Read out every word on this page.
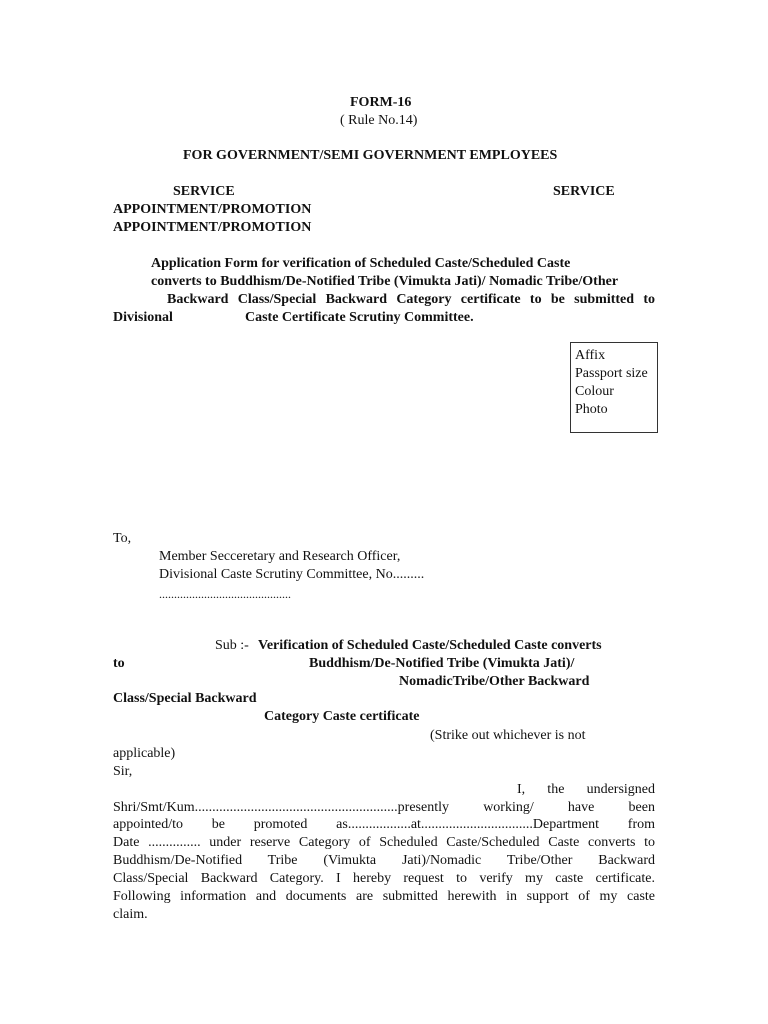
FORM-16
( Rule No.14)
FOR GOVERNMENT/SEMI GOVERNMENT EMPLOYEES
SERVICE	SERVICE
APPOINTMENT/PROMOTION
APPOINTMENT/PROMOTION
Application Form for verification of Scheduled Caste/Scheduled Caste
converts to Buddhism/De-Notified Tribe (Vimukta Jati)/ Nomadic Tribe/Other
Backward Class/Special Backward Category certificate to be submitted to
Divisional	Caste Certificate Scrutiny Committee.
Affix
Passport size
Colour
Photo
To,
Member Secceretary and Research Officer,
Divisional Caste Scrutiny Committee, No.........
............................................
Sub :- Verification of Scheduled Caste/Scheduled Caste converts
to	Buddhism/De-Notified Tribe (Vimukta Jati)/
NomadicTribe/Other Backward
Class/Special Backward
Category Caste certificate
(Strike out whichever is not
applicable)
Sir,
I, the undersigned
Shri/Smt/Kum..........................................................presently working/ have been
appointed/to be promoted as..................at................................Department from
Date ............... under reserve Category of Scheduled Caste/Scheduled Caste converts to
Buddhism/De-Notified Tribe (Vimukta Jati)/Nomadic Tribe/Other Backward
Class/Special Backward Category. I hereby request to verify my caste certificate.
Following information and documents are submitted herewith in support of my caste
claim.
